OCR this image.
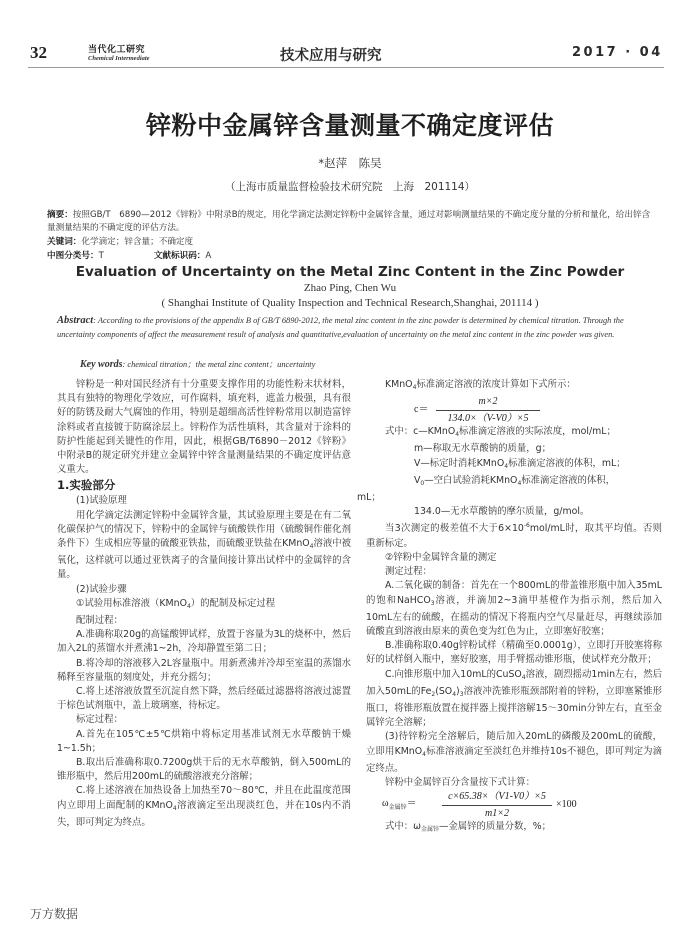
32	当代化工研究
Chemical Intermediate	技术应用与研究	2017 · 04
锌粉中金属锌含量测量不确定度评估
*赵萍　陈吴
（上海市质量监督检验技术研究院　上海　201114）
摘要：按照GB/T　6890—2012《锌粉》中附录B的规定，用化学滴定法测定锌粉中金属锌含量，通过对影响测量结果的不确定度分量的分析和量化，给出锌含量测量结果的不确定度的评估方法。
关键词：化学滴定；锌含量；不确定度
中图分类号：T	文献标识码：A
Evaluation of Uncertainty on the Metal Zinc Content in the Zinc Powder
Zhao Ping, Chen Wu
( Shanghai Institute of Quality Inspection and Technical Research,Shanghai, 201114 )
Abstract: According to the provisions of the appendix B of GB/T 6890-2012, the metal zinc content in the zinc powder is determined by chemical titration. Through the uncertainty components of affect the measurement result of analysis and quantitative,evaluation of uncertainty on the metal zinc content in the zinc powder was given.
Key words: chemical titration；the metal zinc content；uncertainty

锌粉是一种对国民经济有十分重要支撑作用的功能性粉末状材料，其具有独特的物理化学效应，可作腐料，填充料，遮盖力极强，具有很好的防锈及耐大气腐蚀的作用，特别是超细高活性锌粉常用以制造富锌涂料或者直接镀于防腐涂层上。锌粉作为活性填料，其含量对于涂料的防护性能起到关键性的作用，因此，根据GB/T6890－2012《锌粉》中附录B的规定研究并建立金属锌中锌含量测量结果的不确定度评估意义重大。

1.实验部分

(1)试验原理

用化学滴定法测定锌粉中金属锌含量，其试验原理主要是在有二氧化碳保护气的情况下，锌粉中的金属锌与硫酸铁作用（硫酸铜作催化剂条件下）生成相应等量的硫酸亚铁盐，而硫酸亚铁盐在KMnO$_4$溶液中被氧化，这样就可以通过亚铁离子的含量间接计算出试样中的金属锌的含量。

(2)试验步骤

①试验用标准溶液（KMnO$_4$）的配制及标定过程

配制过程：

A.准确称取20g的高锰酸钾试样，放置于容量为3L的烧杯中，然后加入2L的蒸馏水并煮沸1~2h，冷却静置至第二日；

B.将冷却的溶液移入2L容量瓶中。用新煮沸并冷却至室温的蒸馏水稀释至容量瓶的刻度处，并充分摇匀；

C.将上述溶液放置至沉淀自然下降，然后经砥过滤器将溶液过滤置于棕色试剂瓶中，盖上玻璃塞，待标定。

标定过程：

A.首先在105℃±5℃烘箱中将标定用基准试剂无水草酸钠干燥1~1.5h；

B.取出后准确称取0.7200g烘干后的无水草酸钠，倒入500mL的锥形瓶中，然后用200mL的硫酸溶液充分溶解；

C.将上述溶液在加热设备上加热至70～80℃，并且在此温度范围内立即用上面配制的KMnO$_4$溶液滴定至出现淡红色，并在10s内不消失，即可判定为终点。

KMnO$_4$标准滴定溶液的浓度计算如下式所示：

$c= \frac{m\times 2}{134.0\times(V-V0)\times 5}$

式中：c—KMnO$_4$标准滴定溶液的实际浓度，mol/mL；

m—称取无水草酸钠的质量，g；

V—标定时消耗KMnO$_4$标准滴定溶液的体积，mL；

$V_0—$空白试验消耗KMnO$_4$标准滴定溶液的体积，

mL；

134.0—无水草酸钠的摩尔质量，g/mol。

当3次测定的极差值不大于$6\times 10^{-6}mol/mL$时，取其平均值。否则重新标定。

②锌粉中金属锌含量的测定

测定过程：

A.二氧化碳的制备：首先在一个800mL的带盖锥形瓶中加入35mL的饱和NaHCO$_3$溶液，并滴加2~3滴甲基橙作为指示剂，然后加入10mL左右的硫酸，在摇动的情况下将瓶内空气尽量赶尽，再继续添加硫酸直到溶液由原来的黄色变为红色为止，立即塞好胶塞；

B.准确称取0.40g锌粉试样（精确至0.0001g），立即打开胶塞将称好的试样倒入瓶中，塞好胶塞，用手臂摇动锥形瓶，使试样充分散开；

C.向锥形瓶中加入10mL的CuSO$_4$溶液，剧烈摇动1min左右，然后加入50mL的$Fe_2(SO_4)_3$溶液冲洗锥形瓶颈部附着的锌粉，立即塞紧锥形瓶口，将锥形瓶放置在搅拌器上搅拌溶解15～30min分钟左右，直至金属锌完全溶解；

(3)待锌粉完全溶解后，随后加入20mL的磷酸及200mL的硫酸，立即用KMnO$_4$标准溶液滴定至淡红色并维持10s不褪色，即可判定为滴定终点。

锌粉中金属锌百分含量按下式计算：

$\omega_{金属锌}=$	$\frac{c\times 65.38\times(V1-V0)\times 5}{m1\times 2} \times 100$

式中：$\omega_{金属锌}—$金属锌的质量分数，%；

万方数据
